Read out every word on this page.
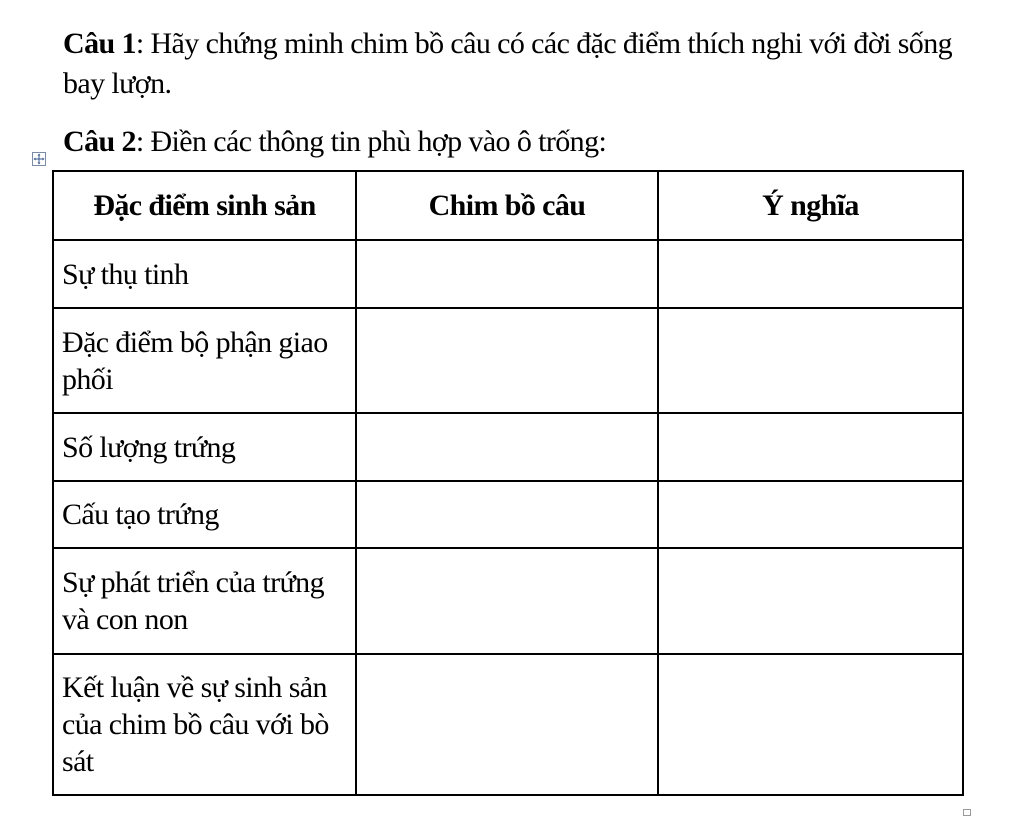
Câu 1: Hãy chứng minh chim bồ câu có các đặc điểm thích nghi với đời sống bay lượn.

Câu 2: Điền các thông tin phù hợp vào ô trống:

Đặc điểm sinh sản	Chim bồ câu	Ý nghĩa
Sự thụ tinh		
Đặc điểm bộ phận giao phối		
Số lượng trứng		
Cấu tạo trứng		
Sự phát triển của trứng và con non		
Kết luận về sự sinh sản của chim bồ câu với bò sát		
